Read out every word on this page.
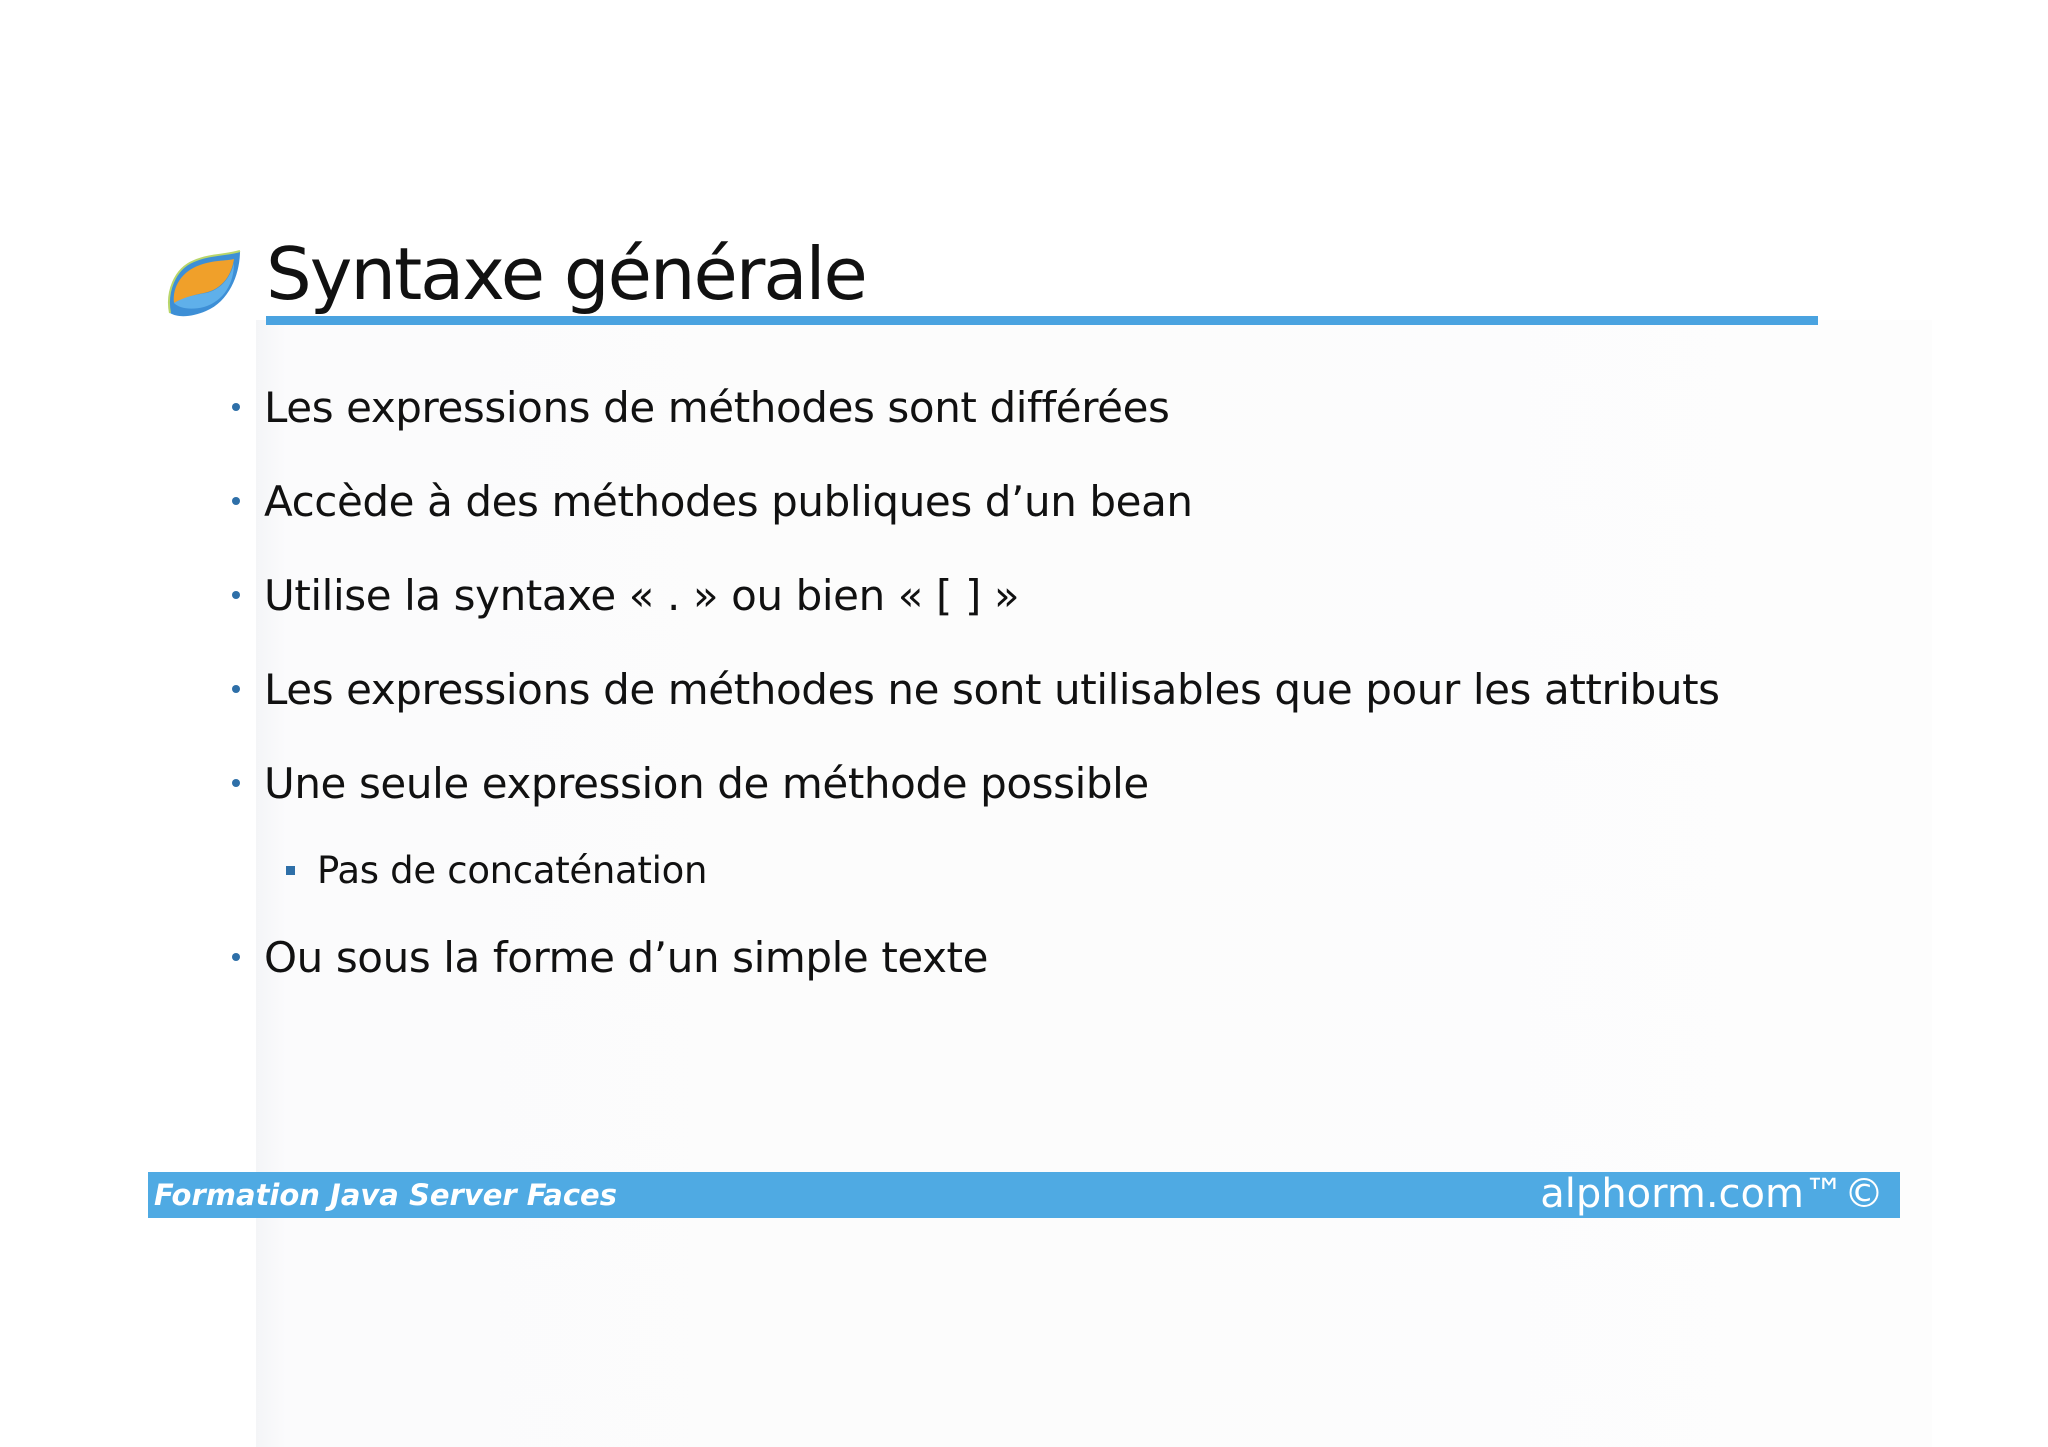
Syntaxe générale
Les expressions de méthodes sont différées
Accède à des méthodes publiques d’un bean
Utilise la syntaxe « . » ou bien « [ ] »
Les expressions de méthodes ne sont utilisables que pour les attributs
Une seule expression de méthode possible
Pas de concaténation
Ou sous la forme d’un simple texte
Formation Java Server Faces	alphorm.com™©
